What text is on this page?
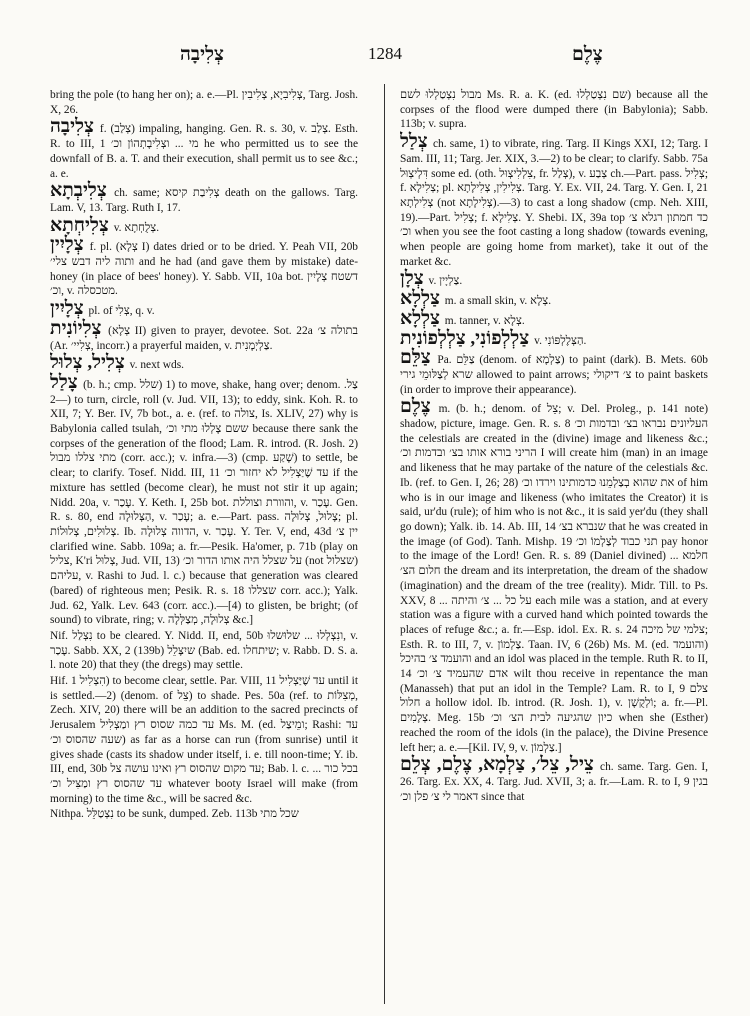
צְלִיבָה	1284	צֶלֶם
bring the pole (to hang her on); a. e.—Pl. צְלִיבִיָא, צְלִיבִין, Targ. Josh. X, 26.
צְלִיבָה f. (צְלַב) impaling, hanging. Gen. R. s. 30, v. צְלַב. Esth. R. to III, 1 מי ... וצְלִיבָתְהוֹן וכ׳ he who permitted us to see the downfall of B. a. T. and their execution, shall permit us to see &c.; a. e.
צְלִיבְתָא ch. same; צְלִיבַת קיסא death on the gallows. Targ. Lam. V, 13. Targ. Ruth I, 17.
צְלִיחְתָא v. צְלֻחְתָא.
צְלָיִין f. pl. (צְלָא I) dates dried or to be dried. Y. Peah VII, 20b ותוה ליה דבש צלי׳ and he had (and gave them by mistake) date-honey (in place of bees' honey). Y. Sabb. VII, 10a bot. דשטח צְלָיִין וכ׳, v. מטכסלה.
צְלָיִין pl. of צְלִי, q. v.
צְלִיוֹנִית (צְלָא II) given to prayer, devotee. Sot. 22a בתולה צ׳ (Ar. צְלִיי׳, incorr.) a prayerful maiden, v. צַלְיְמָנִית.
צְלִיל, צְלוּל v. next wds.
צָלַל (b. h.; cmp. שלל) 1) to move, shake, hang over; denom. צַל.—2) to turn, circle, roll (v. Jud. VII, 13); to eddy, sink. Koh. R. to XII, 7; Y. Ber. IV, 7b bot., a. e. (ref. to צולה, Is. XLIV, 27) why is Babylonia called tsulah, ששם צָלְלוּ מתי וכ׳ because there sank the corpses of the generation of the flood; Lam. R. introd. (R. Josh. 2) מתי צללו מבול (corr. acc.); v. infra.—3) (cmp. שָׁקַע) to settle, be clear; to clarify. Tosef. Nidd. III, 11 עד שֶׁיַּצְלִיל לא יחזור וכ׳ if the mixture has settled (become clear), he must not stir it up again; Nidd. 20a, v. עָכַר. Y. Keth. I, 25b bot. והוורת וצוללת, v. עָכַר. Gen. R. s. 80, end הַצְּלוּלָה, v. עָכַר; a. e.—Part. pass. צָלוּל, צְלוּלָה; pl. צְלוּלִים, צְלוּלוֹת. Ib. הדווה צְלוּלָה, v. עָכַר. Y. Ter. V, end, 43d יין צ׳ clarified wine. Sabb. 109a; a. fr.—Pesik. Ha'omer, p. 71b (play on צליל, K'ri צְלוּל, Jud. VII, 13) על שצלל היה אותו הדור וכ׳ (not שצלול) עליהם, v. Rashi to Jud. l. c.) because that generation was cleared (bared) of righteous men; Pesik. R. s. 18 שצללו corr. acc.); Yalk. Jud. 62, Yalk. Lev. 643 (corr. acc.).—[4) to glisten, be bright; (of sound) to vibrate, ring; v. צְלוּלָה, מְצַלְּלָה &c.]
Nif. נִצְלַל to be cleared. Y. Nidd. II, end, 50b ונִצְלְלוּ ... שלוּשלוּ, v. עָכַר. Sabb. XX, 2 (139b) שיִצָּלֵל (Bab. ed. שיתחלו; v. Rabb. D. S. a. l. note 20) that they (the dregs) may settle.
Hif. הִצְלִיל 1) to become clear, settle. Par. VIII, 11 עד שֶׁיַּצְלִיל until it is settled.—2) (denom. of צֵל) to shade. Pes. 50a (ref. to מְצִלּוֹת, Zech. XIV, 20) there will be an addition to the sacred precincts of Jerusalem עד כמה שסוס רץ ומַצְלִיל Ms. M. (ed. ומֵיצַל; Rashi: עד שעה שהסוס וכ׳) as far as a horse can run (from sunrise) until it gives shade (casts its shadow under itself, i. e. till noon-time; Y. ib. III, end, 30b עד מקום שהסוס רץ ואינו עושה צל; Bab. l. c. בכל כור ... עד שהסוס רץ ומַצִּיל וכ׳ whatever booty Israel will make (from morning) to the time &c., will be sacred &c.
Nithpa. נִצְטַלֵּל to be sunk, dumped. Zeb. 113b שכל מתי
מבול נִצְטַלְלוּ לשם Ms. R. a. K. (ed. שם נִצְטַלְלוּ) because all the corpses of the flood were dumped there (in Babylonia); Sabb. 113b; v. supra.
צְלַל ch. same, 1) to vibrate, ring. Targ. II Kings XXI, 12; Targ. I Sam. III, 11; Targ. Jer. XIX, 3.—2) to be clear; to clarify. Sabb. 75a דִּלְיצְוּל some ed. (oth. צִלְלִיצְוּל, fr. צְלַל), v. צְבַע ch.—Part. pass. צְלִיל; f. צְלִילָא; pl. צְלִילִין, צְלִילָתָא. Targ. Y. Ex. VII, 24. Targ. Y. Gen. I, 21 צְלִילְתָא (not צְלִילָתָא).—3) to cast a long shadow (cmp. Neh. XIII, 19).—Part. צְלִיל; f. צְלִילָא. Y. Shebi. IX, 39a top כד חמתון רגלא צ׳ וכ׳ when you see the foot casting a long shadow (towards evening, when people are going home from market), take it out of the market &c.
צְלָן v. צַלְיָין.
צַלְלָא m. a small skin, v. צְלָא.
צַלְלָא m. tanner, v. צְלָא.
צַלְלְפוֹנִי, צַלְלְפוֹנִית v. הַצְּלֶלְפּוֹנִי.
צַלֵּם Pa. צַלֵּם (denom. of צַלְמָא) to paint (dark). B. Mets. 60b שרא לְצַלּוּמֵי גירי allowed to paint arrows; צ׳ דיקולי to paint baskets (in order to improve their appearance).
צֶלֶם m. (b. h.; denom. of צֵל; v. Del. Proleg., p. 141 note) shadow, picture, image. Gen. R. s. 8 העליונים נבראו בצ׳ ובדמות וכ׳ the celestials are created in the (divine) image and likeness &c.; הריני בורא אותו בצ׳ ובדמות וכ׳ I will create him (man) in an image and likeness that he may partake of the nature of the celestials &c. Ib. (ref. to Gen. I, 26; 28) את שהוא בְצַלְמֵנוּ כדמותינו וירדו וכ׳ of him who is in our image and likeness (who imitates the Creator) it is said, ur'du (rule); of him who is not &c., it is said yer'du (they shall go down); Yalk. ib. 14. Ab. III, 14 שנברא בצ׳ that he was created in the image (of God). Tanh. Mishp. 19 תני כבוד לְצַלְמוֹ וכ׳ pay honor to the image of the Lord! Gen. R. s. 89 (Daniel divined) חלמא ... חלום הצ׳ the dream and its interpretation, the dream of the shadow (imagination) and the dream of the tree (reality). Midr. Till. to Ps. XXV, 8 ... על כל ... צ׳ והיתה each mile was a station, and at every station was a figure with a curved hand which pointed towards the places of refuge &c.; a. fr.—Esp. idol. Ex. R. s. 24 צלמי של מיכה; Esth. R. to III, 7, v. צַלְמוֹן. Taan. IV, 6 (26b) Ms. M. (ed. והועמד) והועמד צ׳ בהיכל and an idol was placed in the temple. Ruth R. to II, 14 אדם שהעמיד צ׳ וכ׳ wilt thou receive in repentance the man (Manasseh) that put an idol in the Temple? Lam. R. to I, 9 צלם חלול a hollow idol. Ib. introd. (R. Josh. 1), v. וֹלְקֻשָׁן; a. fr.—Pl. צְלָמִים. Meg. 15b כיון שהגיעה לבית הצ׳ וכ׳ when she (Esther) reached the room of the idols (in the palace), the Divine Presence left her; a. e.—[Kil. IV, 9, v. צַלְמוֹן.]
צֵיל, צֵל׳, צַלְמָא, צֶלֶם, צְלֵם ch. same. Targ. Gen. I, 26. Targ. Ex. XX, 4. Targ. Jud. XVII, 3; a. fr.—Lam. R. to I, 9 בגין דאמר לי צ׳ פלן וכ׳ since that
